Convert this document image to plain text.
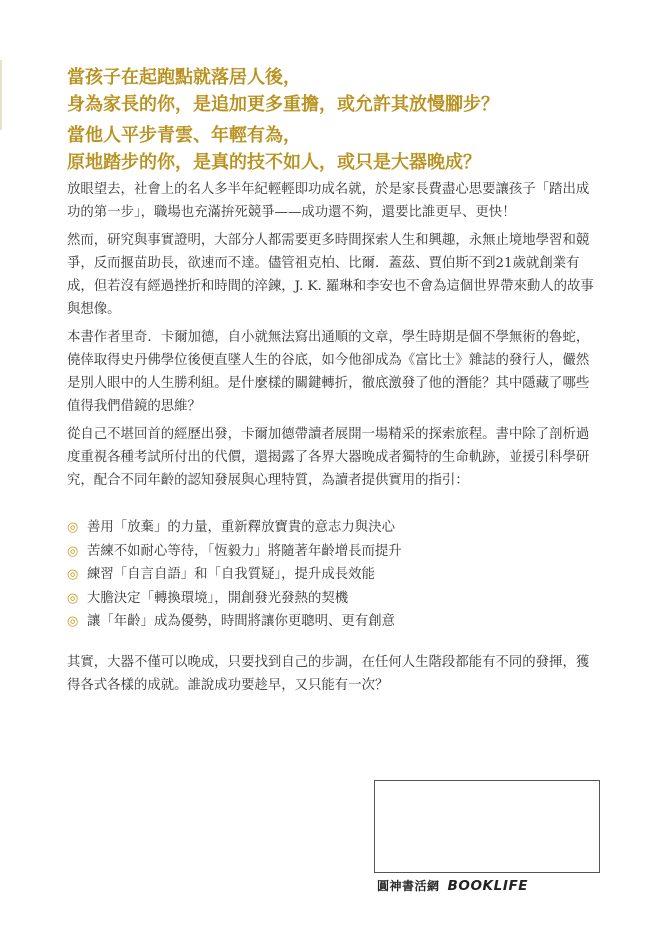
當孩子在起跑點就落居人後，

身為家長的你，是追加更多重擔，或允許其放慢腳步？

當他人平步青雲、年輕有為，

原地踏步的你，是真的技不如人，或只是大器晚成？

放眼望去，社會上的名人多半年紀輕輕即功成名就，於是家長費盡心思要讓孩子「踏出成功的第一步」，職場也充滿拚死競爭——成功還不夠，還要比誰更早、更快！

然而，研究與事實證明，大部分人都需要更多時間探索人生和興趣，永無止境地學習和競爭，反而揠苗助長，欲速而不達。儘管祖克柏、比爾．蓋茲、賈伯斯不到21歲就創業有成，但若沒有經過挫折和時間的淬鍊，J. K. 羅琳和李安也不會為這個世界帶來動人的故事與想像。

本書作者里奇．卡爾加德，自小就無法寫出通順的文章，學生時期是個不學無術的魯蛇，僥倖取得史丹佛學位後便直墜人生的谷底，如今他卻成為《富比士》雜誌的發行人，儼然是別人眼中的人生勝利組。是什麼樣的關鍵轉折，徹底激發了他的潛能？其中隱藏了哪些值得我們借鏡的思維？

從自己不堪回首的經歷出發，卡爾加德帶讀者展開一場精采的探索旅程。書中除了剖析過度重視各種考試所付出的代價，還揭露了各界大器晚成者獨特的生命軌跡，並援引科學研究，配合不同年齡的認知發展與心理特質，為讀者提供實用的指引：

◎ 善用「放棄」的力量，重新釋放寶貴的意志力與決心
◎ 苦練不如耐心等待，「恆毅力」將隨著年齡增長而提升
◎ 練習「自言自語」和「自我質疑」，提升成長效能
◎ 大膽決定「轉換環境」，開創發光發熱的契機
◎ 讓「年齡」成為優勢，時間將讓你更聰明、更有創意

其實，大器不僅可以晚成，只要找到自己的步調，在任何人生階段都能有不同的發揮，獲得各式各樣的成就。誰說成功要趁早，又只能有一次？

圓神書活網 BOOKLIFE
